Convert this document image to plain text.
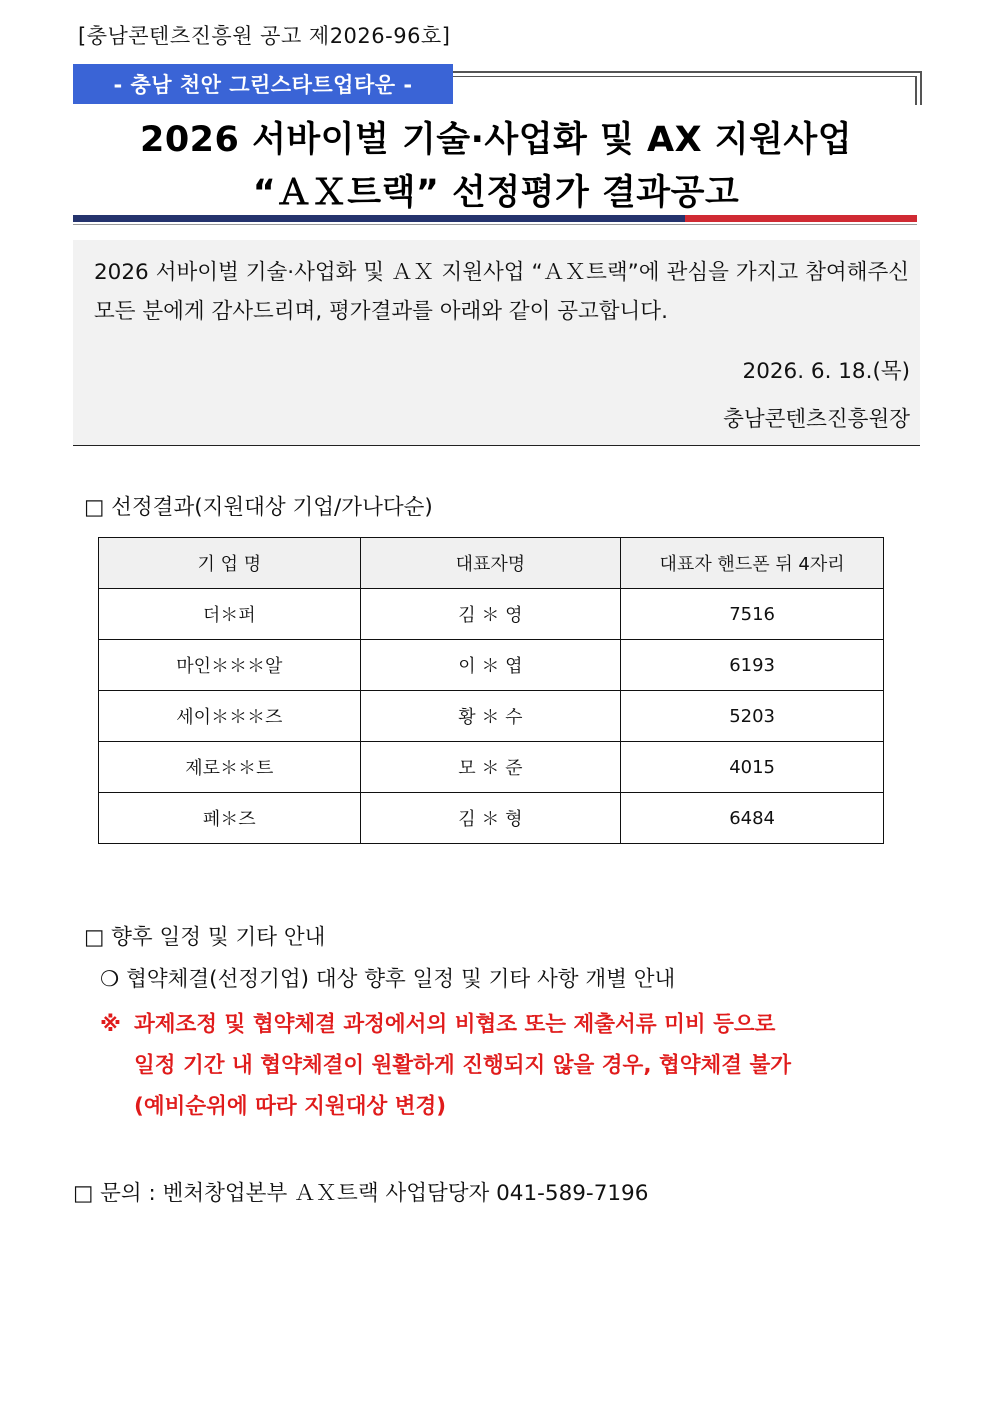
[충남콘텐츠진흥원 공고 제2026-96호]
- 충남 천안 그린스타트업타운 -
2026 서바이벌 기술·사업화 및 AX 지원사업
“ＡＸ트랙” 선정평가 결과공고
2026 서바이벌 기술·사업화 및 ＡＸ 지원사업 “ＡＸ트랙”에 관심을 가지고 참여해주신 모든 분에게 감사드리며, 평가결과를 아래와 같이 공고합니다.
2026. 6. 18.(목)
충남콘텐츠진흥원장
□ 선정결과(지원대상 기업/가나다순)
기 업 명	대표자명	대표자 핸드폰 뒤 4자리
더＊퍼	김 ＊ 영	7516
마인＊＊＊알	이 ＊ 엽	6193
세이＊＊＊즈	황 ＊ 수	5203
제로＊＊트	모 ＊ 준	4015
페＊즈	김 ＊ 형	6484
□ 향후 일정 및 기타 안내
❍ 협약체결(선정기업) 대상 향후 일정 및 기타 사항 개별 안내
※ 과제조정 및 협약체결 과정에서의 비협조 또는 제출서류 미비 등으로
일정 기간 내 협약체결이 원활하게 진행되지 않을 경우, 협약체결 불가
(예비순위에 따라 지원대상 변경)
□ 문의 : 벤처창업본부 ＡＸ트랙 사업담당자 041-589-7196
